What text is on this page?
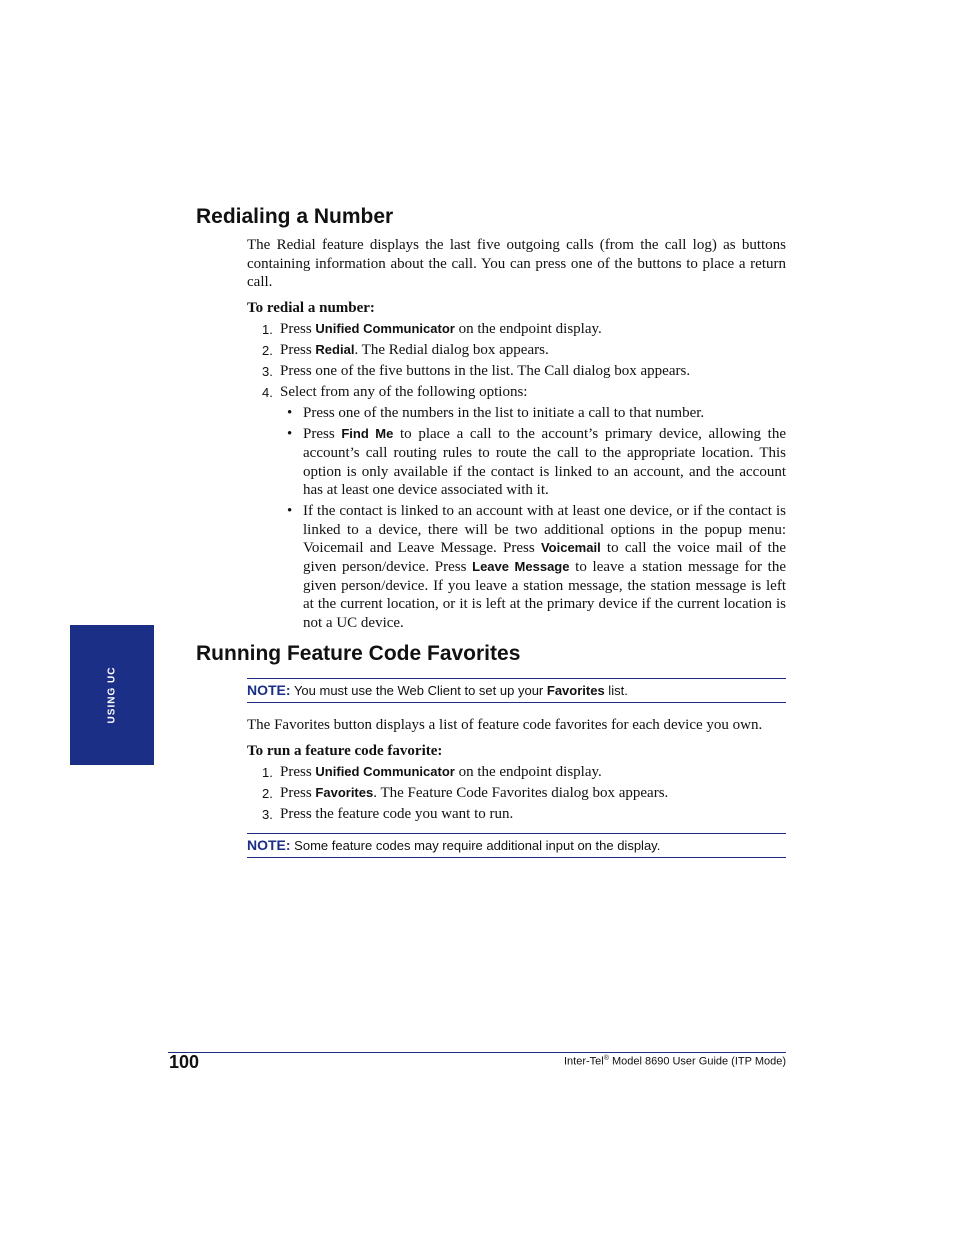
USING UC
Redialing a Number

The Redial feature displays the last five outgoing calls (from the call log) as buttons containing information about the call. You can press one of the buttons to place a return call.

To redial a number:

1. Press Unified Communicator on the endpoint display.
2. Press Redial. The Redial dialog box appears.
3. Press one of the five buttons in the list. The Call dialog box appears.
4. Select from any of the following options:
• Press one of the numbers in the list to initiate a call to that number.
• Press Find Me to place a call to the account’s primary device, allowing the account’s call routing rules to route the call to the appropriate location. This option is only available if the contact is linked to an account, and the account has at least one device associated with it.
• If the contact is linked to an account with at least one device, or if the contact is linked to a device, there will be two additional options in the popup menu: Voicemail and Leave Message. Press Voicemail to call the voice mail of the given person/device. Press Leave Message to leave a station message for the given person/device. If you leave a station message, the station message is left at the current location, or it is left at the primary device if the current location is not a UC device.
Running Feature Code Favorites
NOTE: You must use the Web Client to set up your Favorites list.

The Favorites button displays a list of feature code favorites for each device you own.

To run a feature code favorite:

1. Press Unified Communicator on the endpoint display.
2. Press Favorites. The Feature Code Favorites dialog box appears.
3. Press the feature code you want to run.
NOTE: Some feature codes may require additional input on the display.
100	Inter-Tel® Model 8690 User Guide (ITP Mode)
